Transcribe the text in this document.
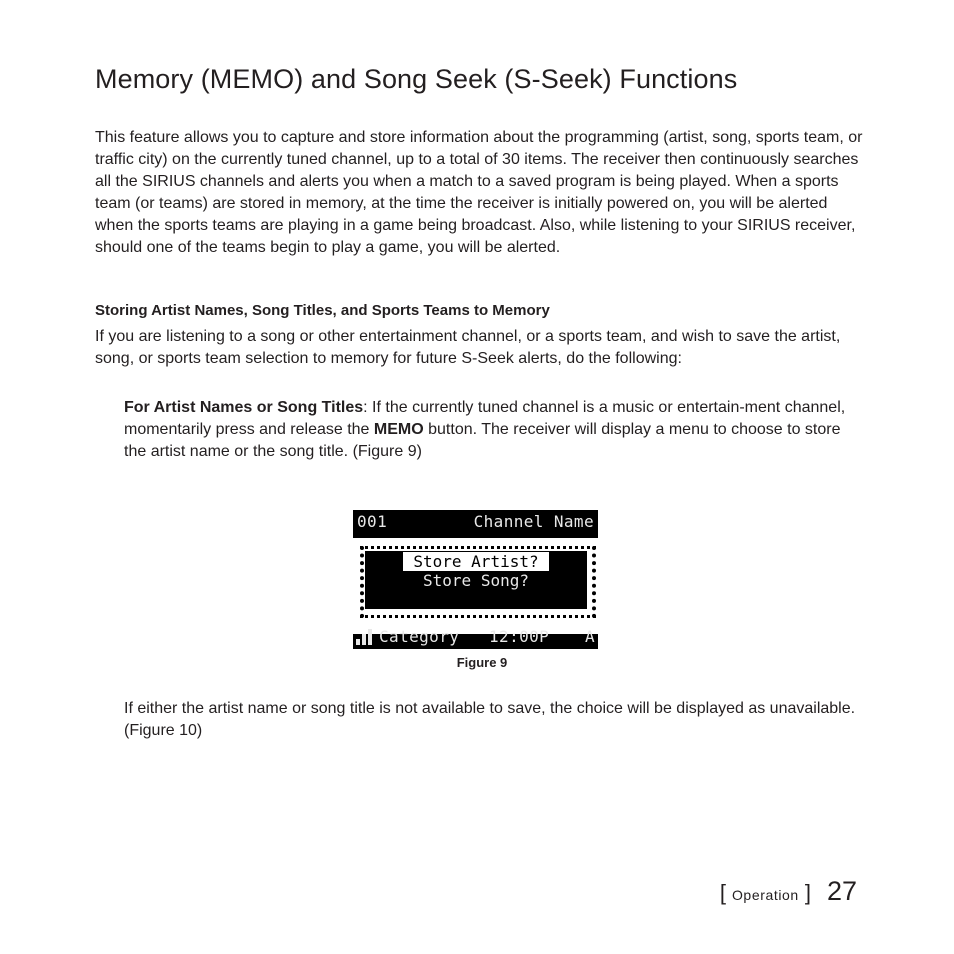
Memory (MEMO) and Song Seek (S-Seek) Functions

This feature allows you to capture and store information about the programming (artist, song, sports team, or traffic city) on the currently tuned channel, up to a total of 30 items. The receiver then continuously searches all the SIRIUS channels and alerts you when a match to a saved program is being played. When a sports team (or teams) are stored in memory, at the time the receiver is initially powered on, you will be alerted when the sports teams are playing in a game being broadcast. Also, while listening to your SIRIUS receiver, should one of the teams begin to play a game, you will be alerted.

Storing Artist Names, Song Titles, and Sports Teams to Memory

If you are listening to a song or other entertainment channel, or a sports team, and wish to save the artist, song, or sports team selection to memory for future S-Seek alerts, do the following:

For Artist Names or Song Titles: If the currently tuned channel is a music or entertain-ment channel, momentarily press and release the MEMO button. The receiver will display a menu to choose to store the artist name or the song title. (Figure 9)

001	Channel Name
Store Artist?
Store Song?
Category 12:00P A

Figure 9

If either the artist name or song title is not available to save, the choice will be displayed as unavailable. (Figure 10)

[ Operation ] 27
